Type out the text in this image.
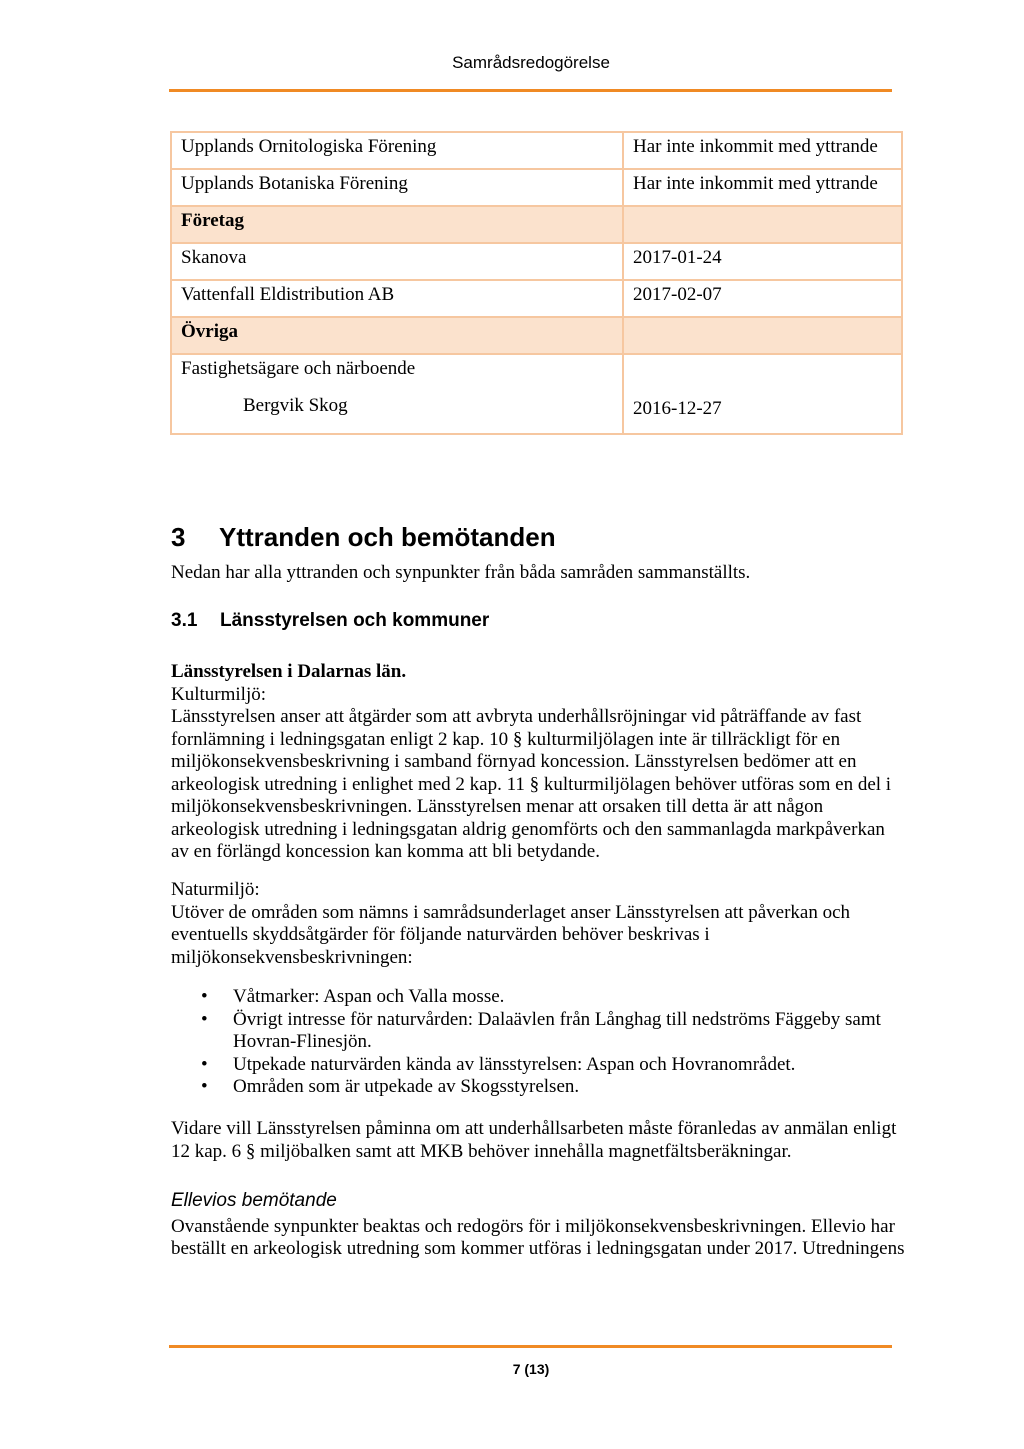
Samrådsredogörelse
Upplands Ornitologiska Förening	Har inte inkommit med yttrande
Upplands Botaniska Förening	Har inte inkommit med yttrande
Företag	
Skanova	2017-01-24
Vattenfall Eldistribution AB	2017-02-07
Övriga	

Fastighetsägare och närboende
Bergvik Skog	2016-12-27
3 Yttranden och bemötanden
Nedan har alla yttranden och synpunkter från båda samråden sammanställts.
3.1 Länsstyrelsen och kommuner

Länsstyrelsen i Dalarnas län.

Kulturmiljö:

Länsstyrelsen anser att åtgärder som att avbryta underhållsröjningar vid påträffande av fast fornlämning i ledningsgatan enligt 2 kap. 10 § kulturmiljölagen inte är tillräckligt för en miljökonsekvensbeskrivning i samband förnyad koncession. Länsstyrelsen bedömer att en arkeologisk utredning i enlighet med 2 kap. 11 § kulturmiljölagen behöver utföras som en del i miljökonsekvensbeskrivningen. Länsstyrelsen menar att orsaken till detta är att någon arkeologisk utredning i ledningsgatan aldrig genomförts och den sammanlagda markpåverkan av en förlängd koncession kan komma att bli betydande.

Naturmiljö:

Utöver de områden som nämns i samrådsunderlaget anser Länsstyrelsen att påverkan och eventuells skyddsåtgärder för följande naturvärden behöver beskrivas i miljökonsekvensbeskrivningen:

• Våtmarker: Aspan och Valla mosse.
• Övrigt intresse för naturvården: Dalaävlen från Långhag till nedströms Fäggeby samt Hovran-Flinesjön.
• Utpekade naturvärden kända av länsstyrelsen: Aspan och Hovranområdet.
• Områden som är utpekade av Skogsstyrelsen.
Vidare vill Länsstyrelsen påminna om att underhållsarbeten måste föranledas av anmälan enligt 12 kap. 6 § miljöbalken samt att MKB behöver innehålla magnetfältsberäkningar.

Ellevios bemötande

Ovanstående synpunkter beaktas och redogörs för i miljökonsekvensbeskrivningen. Ellevio har beställt en arkeologisk utredning som kommer utföras i ledningsgatan under 2017. Utredningens

7 (13)
